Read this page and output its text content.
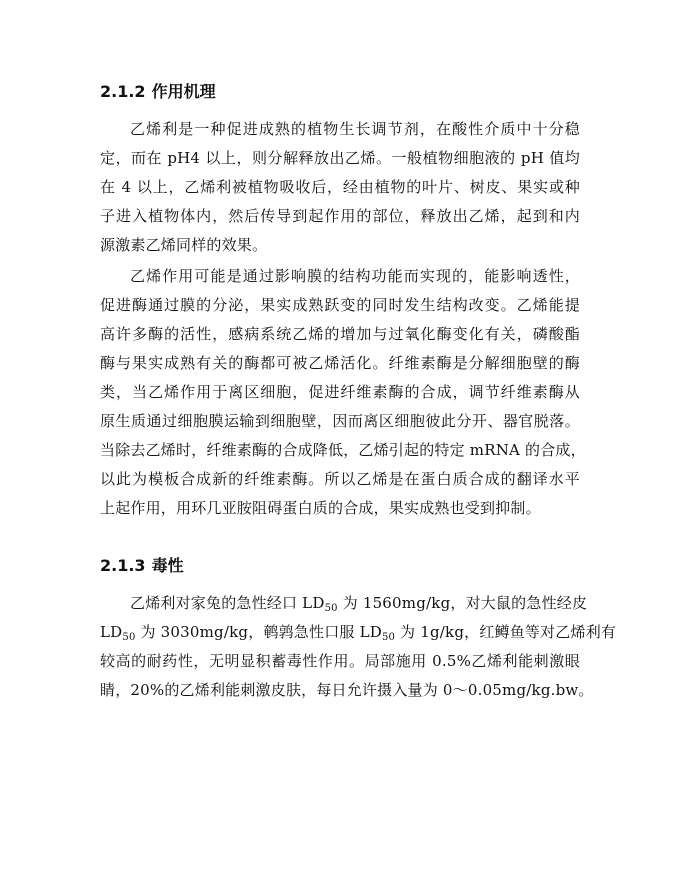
2.1.2 作用机理
乙烯利是一种促进成熟的植物生长调节剂，在酸性介质中十分稳
定，而在 pH4 以上，则分解释放出乙烯。一般植物细胞液的 pH 值均
在 4 以上，乙烯利被植物吸收后，经由植物的叶片、树皮、果实或种
子进入植物体内，然后传导到起作用的部位，释放出乙烯，起到和内
源激素乙烯同样的效果。
乙烯作用可能是通过影响膜的结构功能而实现的，能影响透性，
促进酶通过膜的分泌，果实成熟跃变的同时发生结构改变。乙烯能提
高许多酶的活性，感病系统乙烯的增加与过氧化酶变化有关，磷酸酯
酶与果实成熟有关的酶都可被乙烯活化。纤维素酶是分解细胞壁的酶
类，当乙烯作用于离区细胞，促进纤维素酶的合成，调节纤维素酶从
原生质通过细胞膜运输到细胞壁，因而离区细胞彼此分开、器官脱落。
当除去乙烯时，纤维素酶的合成降低，乙烯引起的特定 mRNA 的合成，
以此为模板合成新的纤维素酶。所以乙烯是在蛋白质合成的翻译水平
上起作用，用环几亚胺阻碍蛋白质的合成，果实成熟也受到抑制。
2.1.3 毒性
乙烯利对家兔的急性经口 $LD_{50}$ 为 1560mg/kg，对大鼠的急性经皮
$LD_{50}$ 为 3030mg/kg，鹌鹑急性口服 $LD_{50}$ 为 1g/kg，红鳟鱼等对乙烯利有
较高的耐药性，无明显积蓄毒性作用。局部施用 0.5%乙烯利能刺激眼
睛，20%的乙烯利能刺激皮肤，每日允许摄入量为 0～0.05mg/kg.bw。
